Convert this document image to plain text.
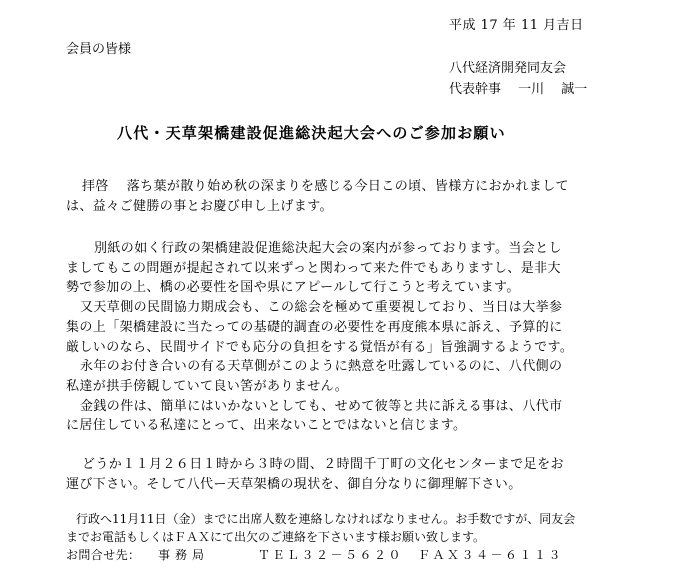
平成 17 年 11 月吉日

会員の皆様

八代経済開発同友会

代表幹事　 一川　 誠一

八代・天草架橋建設促進総決起大会へのご参加お願い

拝啓　 落ち葉が散り始め秋の深まりを感じる今日この頃、皆様方におかれまして

は、益々ご健勝の事とお慶び申し上げます。

別紙の如く行政の架橋建設促進総決起大会の案内が参っております。当会とし

ましてもこの問題が提起されて以来ずっと関わって来た件でもありますし、是非大

勢で参加の上、橋の必要性を国や県にアピールして行こうと考えています。

又天草側の民間協力期成会も、この総会を極めて重要視しており、当日は大挙参

集の上「架橋建設に当たっての基礎的調査の必要性を再度熊本県に訴え、予算的に

厳しいのなら、民間サイドでも応分の負担をする覚悟が有る」旨強調するようです。

永年のお付き合いの有る天草側がこのように熱意を吐露しているのに、八代側の

私達が拱手傍観していて良い筈がありません。

金銭の件は、簡単にはいかないとしても、せめて彼等と共に訴える事は、八代市

に居住している私達にとって、出来ないことではないと信じます。

どうか１１月２６日１時から３時の間、２時間千丁町の文化センターまで足をお

運び下さい。そして八代ー天草架橋の現状を、御自分なりに御理解下さい。

行政へ11月11日（金）までに出席人数を連絡しなければなりません。お手数ですが、同友会

までお電話もしくはＦＡＸにて出欠のご連絡を下さいます様お願い致します。

お問合せ先： 事務局	ＴＥＬ３２－５６２０ ＦＡＸ３４－６１１３
